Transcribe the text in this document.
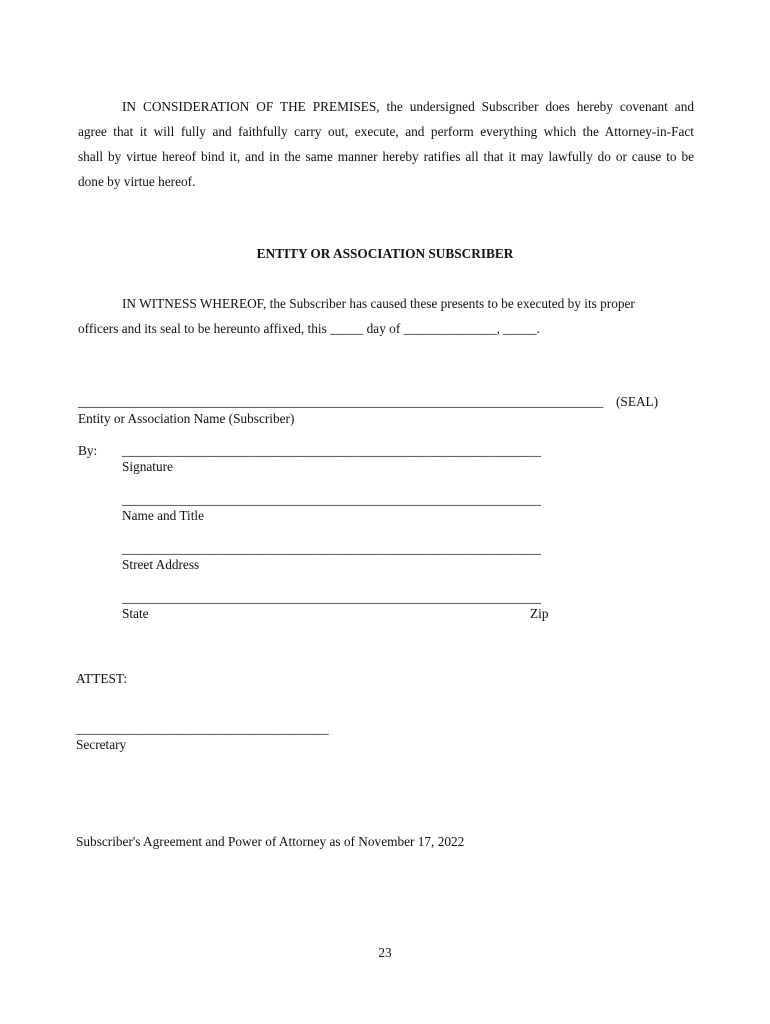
IN CONSIDERATION OF THE PREMISES, the undersigned Subscriber does hereby covenant and
agree that it will fully and faithfully carry out, execute, and perform everything which the Attorney-in-Fact
shall by virtue hereof bind it, and in the same manner hereby ratifies all that it may lawfully do or cause to be
done by virtue hereof.
ENTITY OR ASSOCIATION SUBSCRIBER
IN WITNESS WHEREOF, the Subscriber has caused these presents to be executed by its proper
officers and its seal to be hereunto affixed, this _____ day of ______________, _____.
_______________________________________________________________________________ (SEAL)
Entity or Association Name (Subscriber)
By: _______________________________________________________________
Signature
_______________________________________________________________
Name and Title
_______________________________________________________________
Street Address
_______________________________________________________________
State	Zip
ATTEST:
______________________________________
Secretary
Subscriber's Agreement and Power of Attorney as of November 17, 2022
23
